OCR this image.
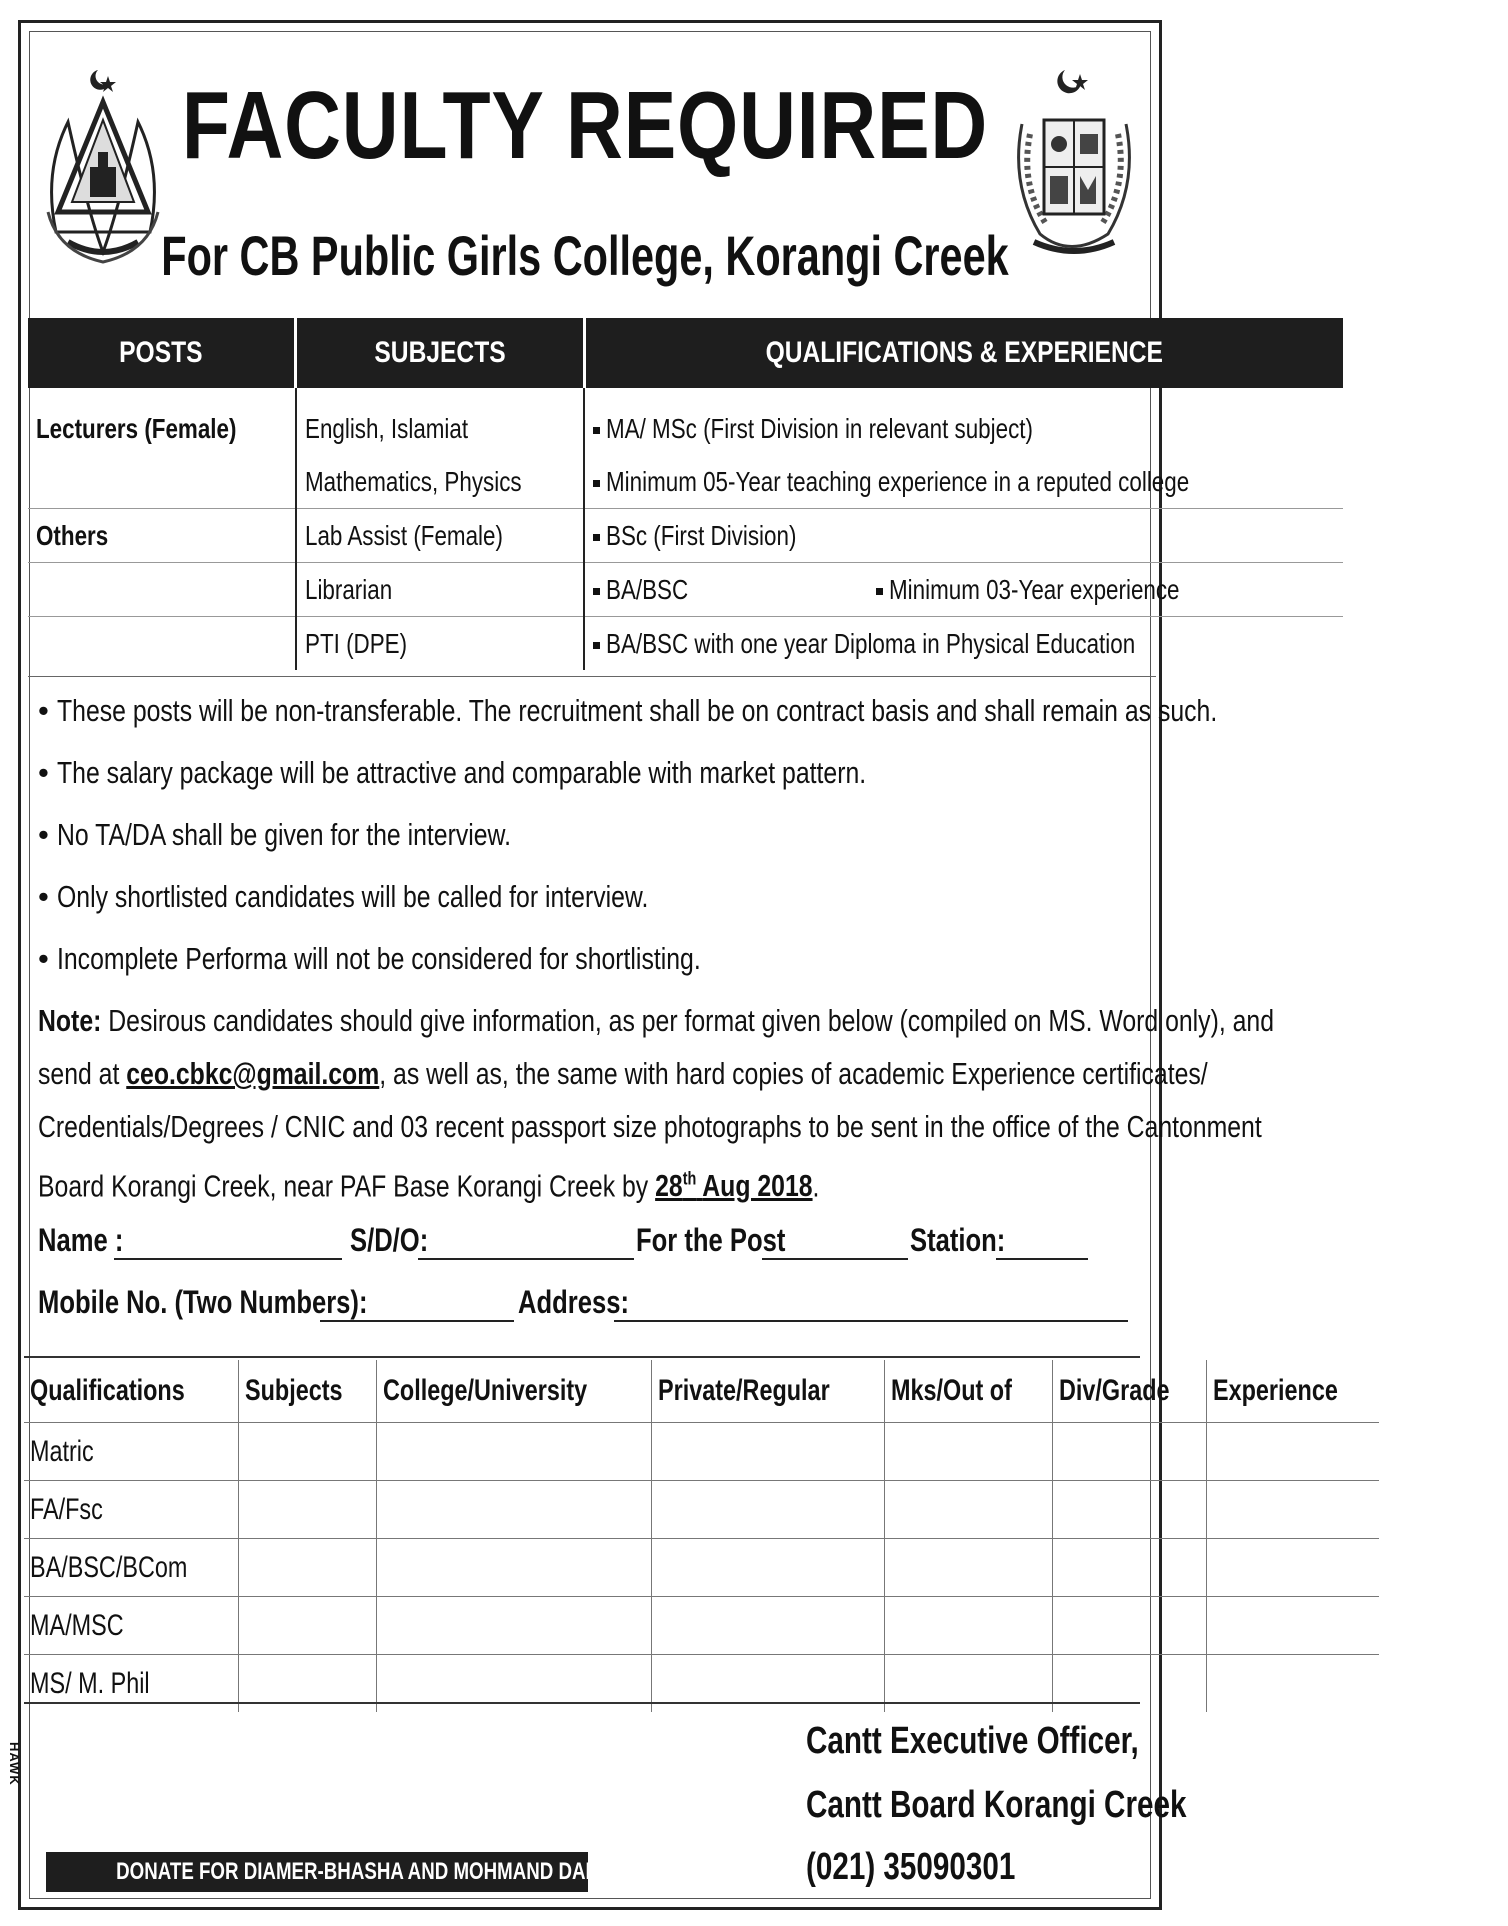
FACULTY REQUIRED
For CB Public Girls College, Korangi Creek
POSTS	SUBJECTS	QUALIFICATIONS & EXPERIENCE
Lecturers (Female)	English, Islamiat	MA/ MSc (First Division in relevant subject)
	Mathematics, Physics	Minimum 05-Year teaching experience in a reputed college
Others	Lab Assist (Female)	BSc (First Division)
	Librarian	BA/BSC Minimum 03-Year experience
	PTI (DPE)	BA/BSC with one year Diploma in Physical Education
• These posts will be non-transferable. The recruitment shall be on contract basis and shall remain as such.
• The salary package will be attractive and comparable with market pattern.
• No TA/DA shall be given for the interview.
• Only shortlisted candidates will be called for interview.
• Incomplete Performa will not be considered for shortlisting.
Note: Desirous candidates should give information, as per format given below (compiled on MS. Word only), and
send at ceo.cbkc@gmail.com, as well as, the same with hard copies of academic Experience certificates/
Credentials/Degrees / CNIC and 03 recent passport size photographs to be sent in the office of the Cantonment
Board Korangi Creek, near PAF Base Korangi Creek by 28th Aug 2018.
Name :	S/D/O:	For the Post	Station:
Mobile No. (Two Numbers):	Address:
Qualifications	Subjects	College/University	Private/Regular	Mks/Out of	Div/Grade	Experience
Matric						
FA/Fsc						
BA/BSC/BCom						
MA/MSC						
MS/ M. Phil						
HAWK
Cantt Executive Officer,
Cantt Board Korangi Creek
(021) 35090301
DONATE FOR DIAMER-BHASHA AND MOHMAND DAMS
